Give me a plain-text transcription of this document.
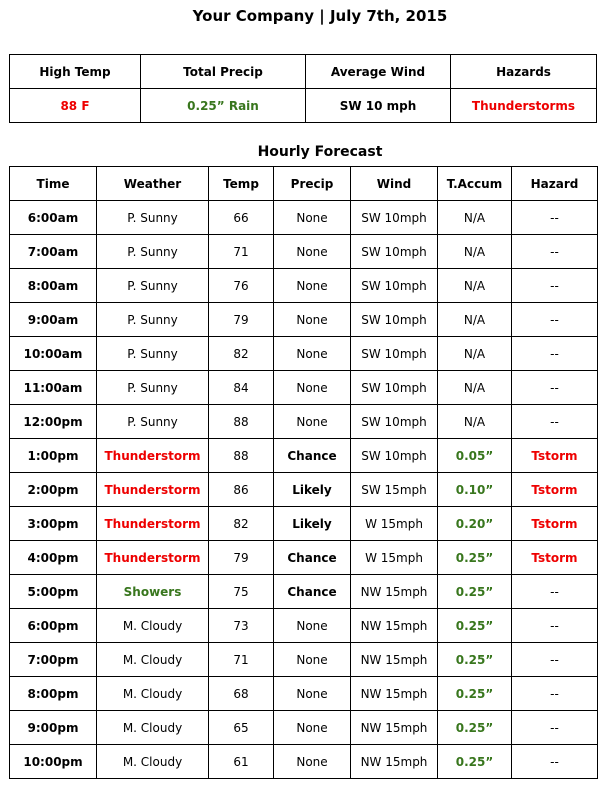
Your Company | July 7th, 2015
High Temp	Total Precip	Average Wind	Hazards
88 F	0.25” Rain	SW 10 mph	Thunderstorms
Hourly Forecast
Time	Weather	Temp	Precip	Wind	T.Accum	Hazard
6:00am	P. Sunny	66	None	SW 10mph	N/A	--
7:00am	P. Sunny	71	None	SW 10mph	N/A	--
8:00am	P. Sunny	76	None	SW 10mph	N/A	--
9:00am	P. Sunny	79	None	SW 10mph	N/A	--
10:00am	P. Sunny	82	None	SW 10mph	N/A	--
11:00am	P. Sunny	84	None	SW 10mph	N/A	--
12:00pm	P. Sunny	88	None	SW 10mph	N/A	--
1:00pm	Thunderstorm	88	Chance	SW 10mph	0.05”	Tstorm
2:00pm	Thunderstorm	86	Likely	SW 15mph	0.10”	Tstorm
3:00pm	Thunderstorm	82	Likely	W 15mph	0.20”	Tstorm
4:00pm	Thunderstorm	79	Chance	W 15mph	0.25”	Tstorm
5:00pm	Showers	75	Chance	NW 15mph	0.25”	--
6:00pm	M. Cloudy	73	None	NW 15mph	0.25”	--
7:00pm	M. Cloudy	71	None	NW 15mph	0.25”	--
8:00pm	M. Cloudy	68	None	NW 15mph	0.25”	--
9:00pm	M. Cloudy	65	None	NW 15mph	0.25”	--
10:00pm	M. Cloudy	61	None	NW 15mph	0.25”	--
